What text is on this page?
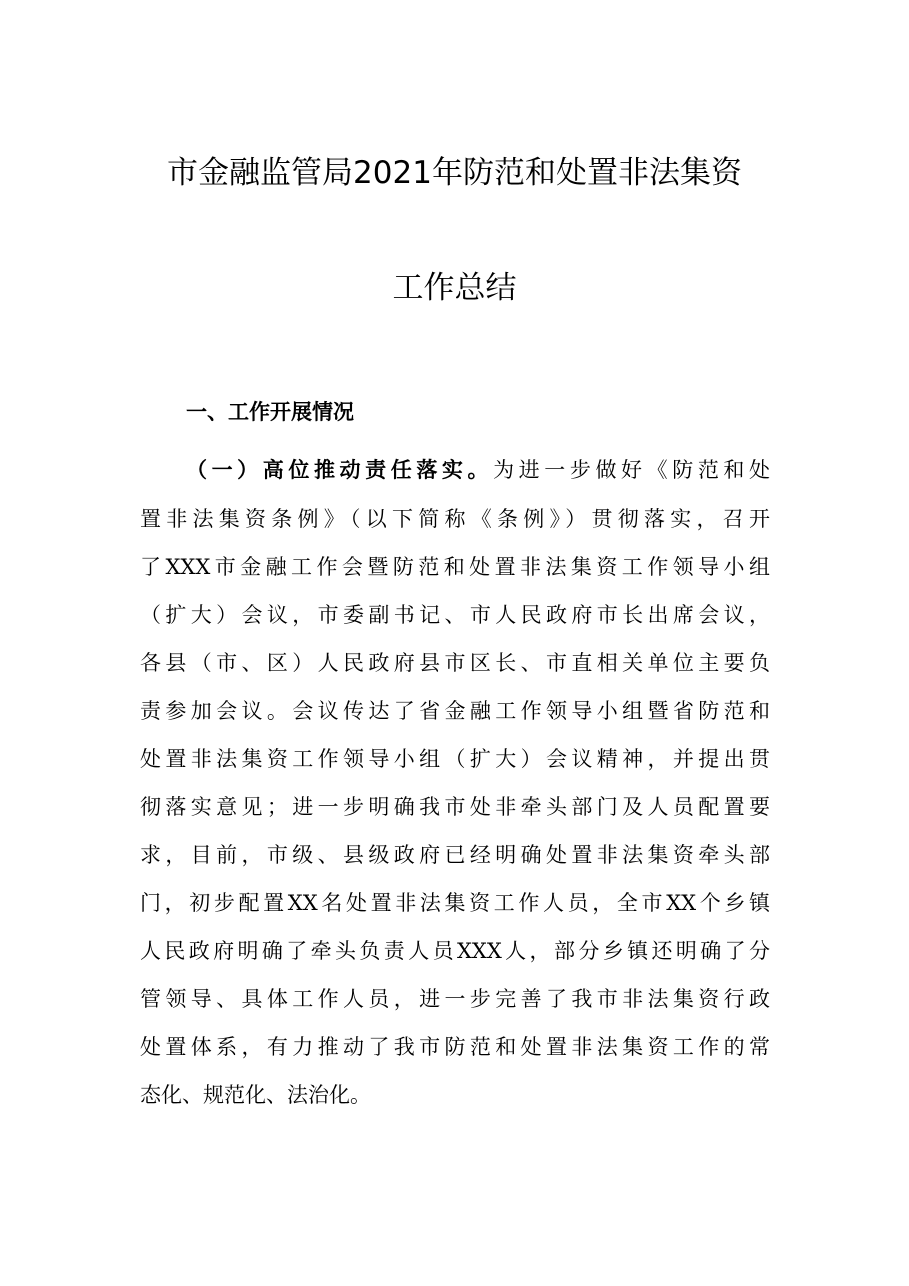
市金融监管局2021年防范和处置非法集资
工作总结
一、工作开展情况
（一）高位推动责任落实。为进一步做好《防范和处
置非法集资条例》（以下简称《条例》）贯彻落实，召开
了XXX市金融工作会暨防范和处置非法集资工作领导小组
（扩大）会议，市委副书记、市人民政府市长出席会议，
各县（市、区）人民政府县市区长、市直相关单位主要负
责参加会议。会议传达了省金融工作领导小组暨省防范和
处置非法集资工作领导小组（扩大）会议精神，并提出贯
彻落实意见；进一步明确我市处非牵头部门及人员配置要
求，目前，市级、县级政府已经明确处置非法集资牵头部
门，初步配置XX名处置非法集资工作人员，全市XX个乡镇
人民政府明确了牵头负责人员XXX人，部分乡镇还明确了分
管领导、具体工作人员，进一步完善了我市非法集资行政
处置体系，有力推动了我市防范和处置非法集资工作的常
态化、规范化、法治化。
